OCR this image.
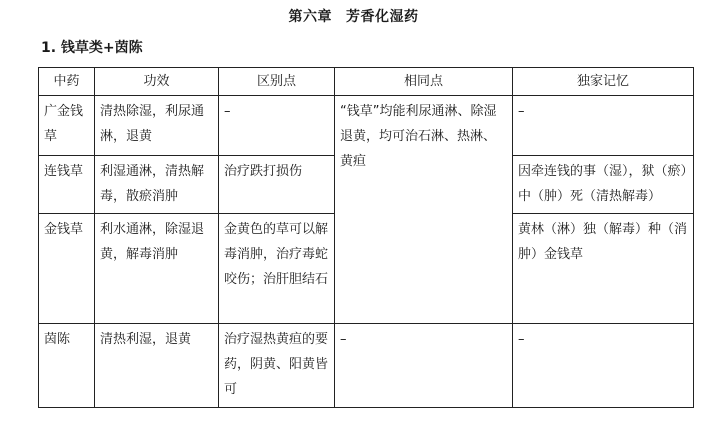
第六章 芳香化湿药
1. 钱草类+茵陈
中药	功效	区别点	相同点	独家记忆
广金钱草	清热除湿，利尿通淋，退黄	–	“钱草”均能利尿通淋、除湿退黄，均可治石淋、热淋、黄疸	–
连钱草	利湿通淋，清热解毒，散瘀消肿	治疗跌打损伤		因牵连钱的事（湿），狱（瘀）中（肿）死（清热解毒）
金钱草	利水通淋，除湿退黄，解毒消肿	金黄色的草可以解毒消肿，治疗毒蛇咬伤；治肝胆结石		黄林（淋）独（解毒）种（消肿）金钱草
茵陈	清热利湿，退黄	治疗湿热黄疸的要药，阴黄、阳黄皆可	–	–
